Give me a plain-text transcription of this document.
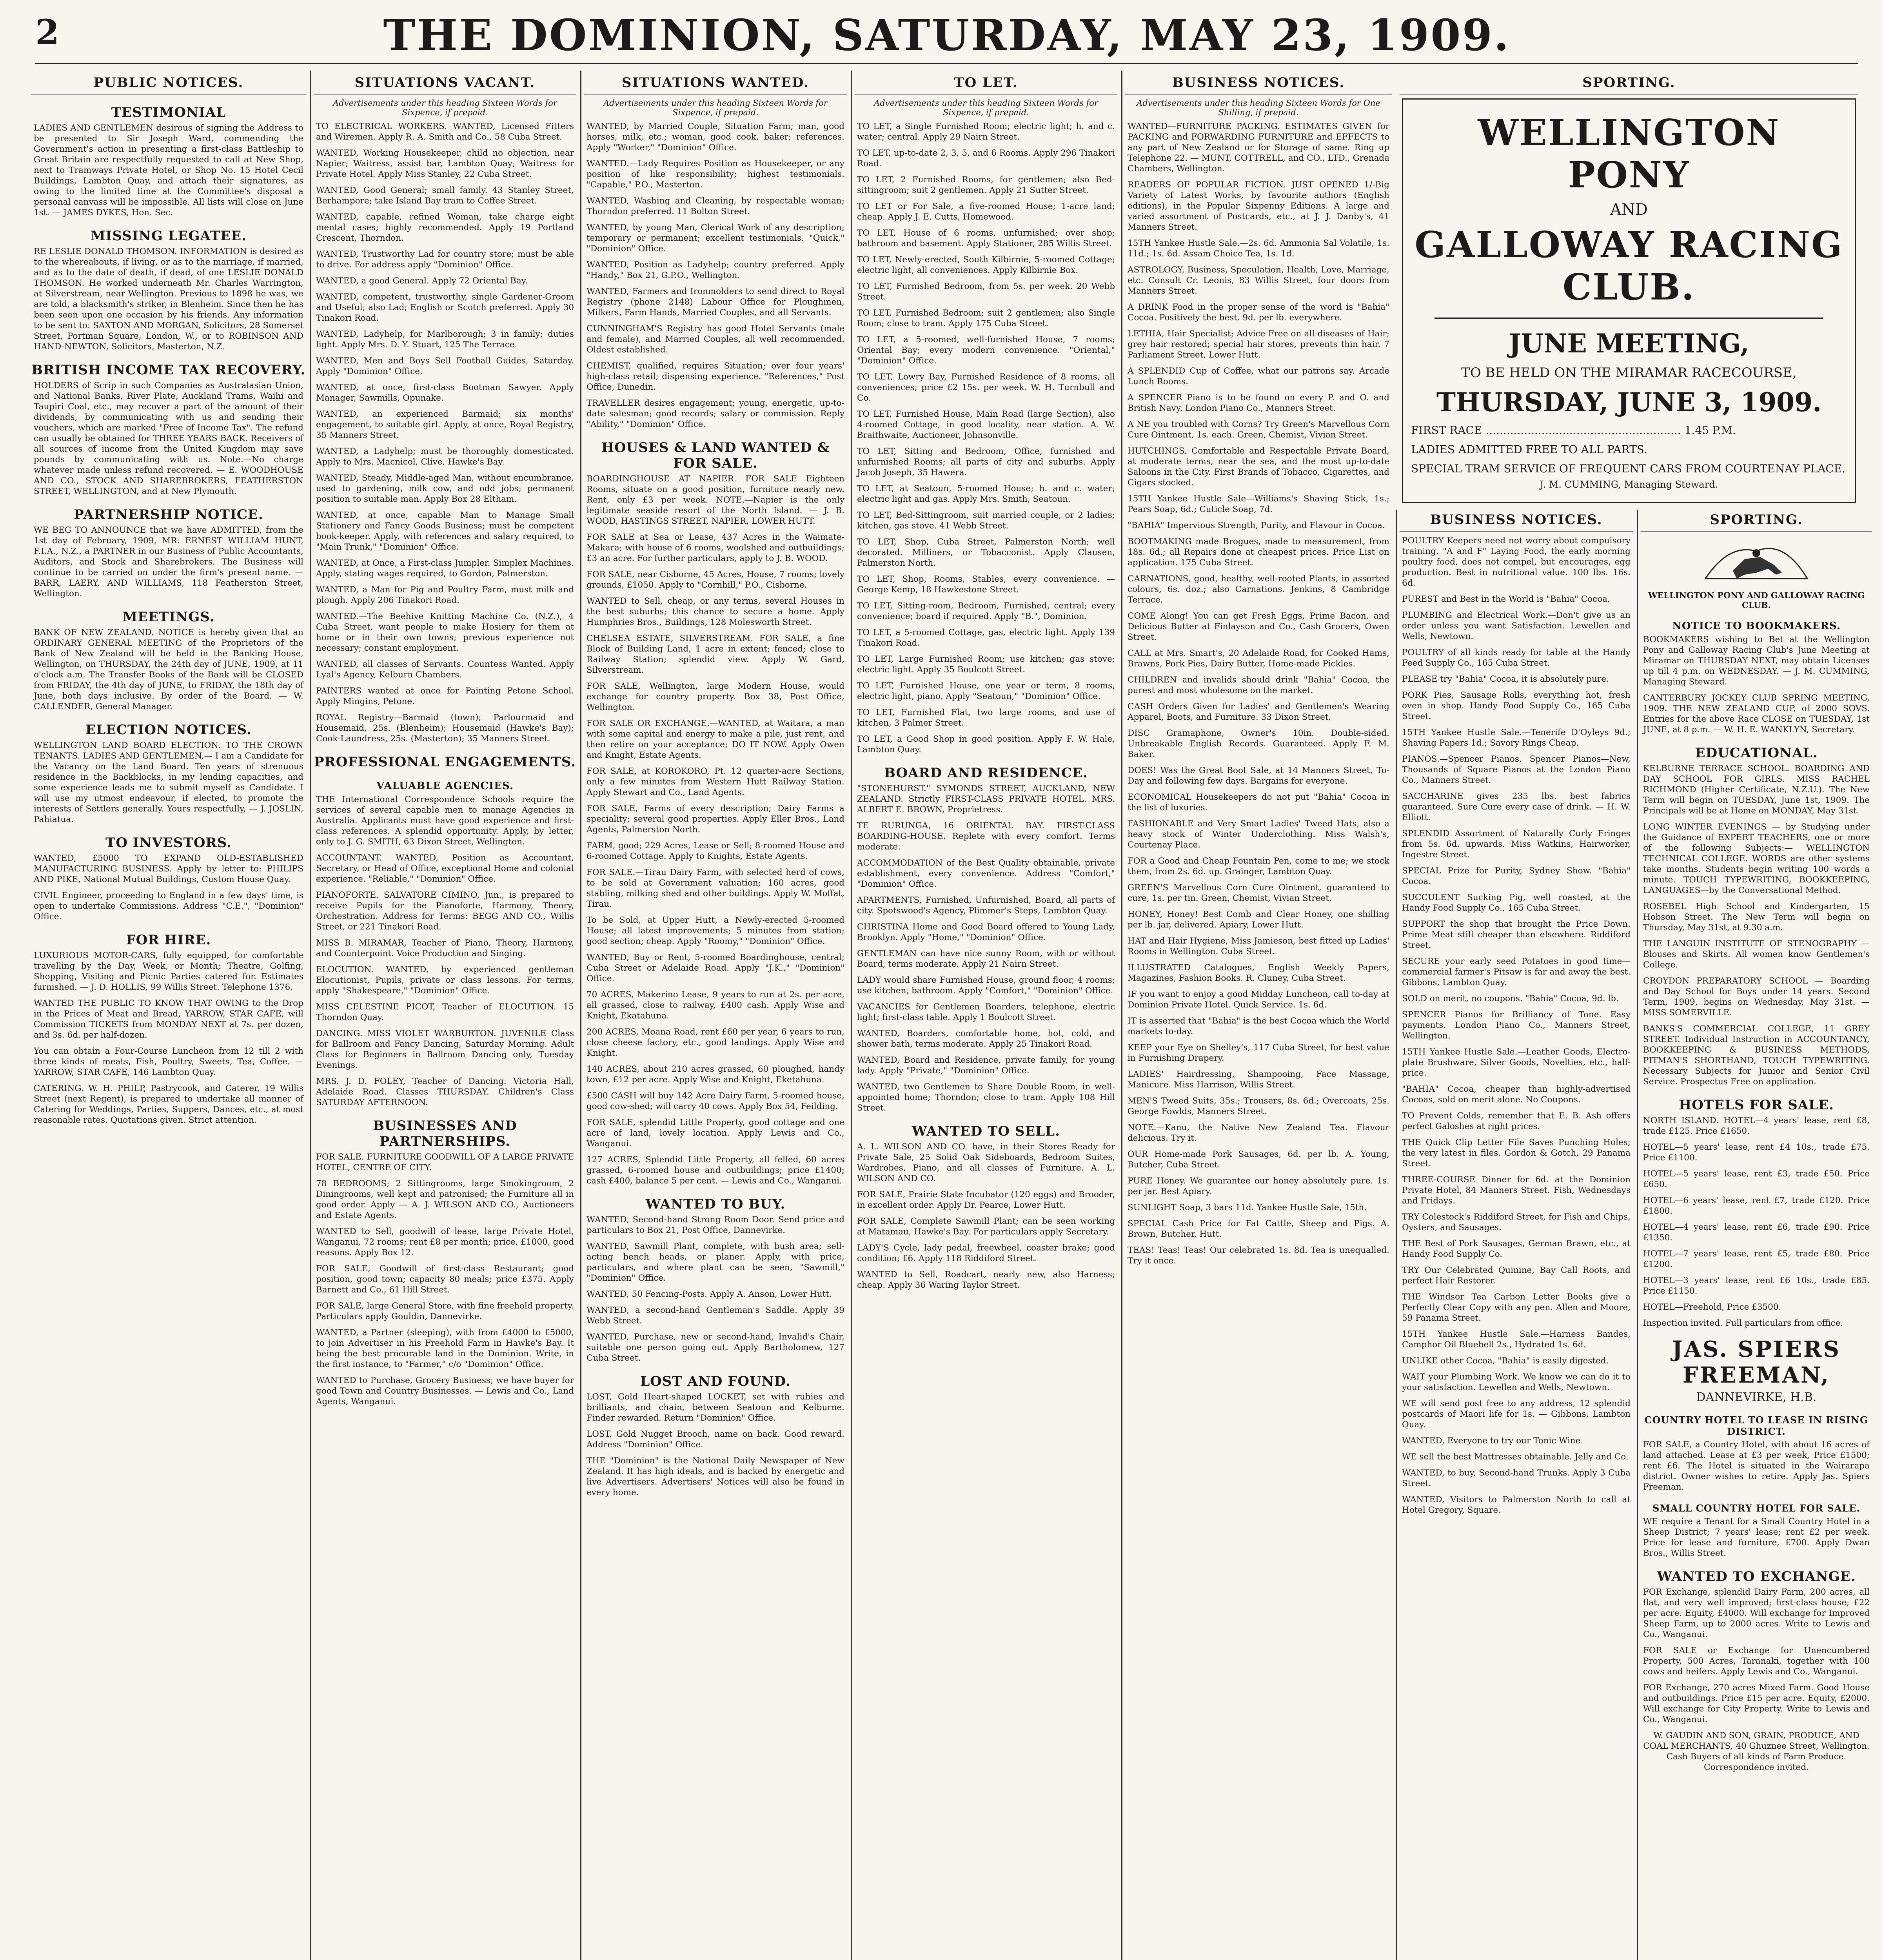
2	THE DOMINION, SATURDAY, MAY 23, 1909.
PUBLIC NOTICES.
TESTIMONIAL
LADIES AND GENTLEMEN desirous of signing the Address to be presented to Sir Joseph Ward, commending the Government's action in presenting a first-class Battleship to Great Britain are respectfully requested to call at New Shop, next to Tramways Private Hotel, or Shop No. 15 Hotel Cecil Buildings, Lambton Quay, and attach their signatures, as owing to the limited time at the Committee's disposal a personal canvass will be impossible. All lists will close on June 1st. — JAMES DYKES, Hon. Sec.
MISSING LEGATEE.
RE LESLIE DONALD THOMSON. INFORMATION is desired as to the whereabouts, if living, or as to the marriage, if married, and as to the date of death, if dead, of one LESLIE DONALD THOMSON. He worked underneath Mr. Charles Warrington, at Silverstream, near Wellington. Previous to 1898 he was, we are told, a blacksmith's striker, in Blenheim. Since then he has been seen upon one occasion by his friends. Any information to be sent to: SAXTON AND MORGAN, Solicitors, 28 Somerset Street, Portman Square, London, W., or to ROBINSON AND HAND-NEWTON, Solicitors, Masterton, N.Z.
BRITISH INCOME TAX RECOVERY.
HOLDERS of Scrip in such Companies as Australasian Union, and National Banks, River Plate, Auckland Trams, Waihi and Taupiri Coal, etc., may recover a part of the amount of their dividends, by communicating with us and sending their vouchers, which are marked "Free of Income Tax". The refund can usually be obtained for THREE YEARS BACK. Receivers of all sources of income from the United Kingdom may save pounds by communicating with us. Note.—No charge whatever made unless refund recovered. — E. WOODHOUSE AND CO., STOCK AND SHAREBROKERS, FEATHERSTON STREET, WELLINGTON, and at New Plymouth.
PARTNERSHIP NOTICE.
WE BEG TO ANNOUNCE that we have ADMITTED, from the 1st day of February, 1909, MR. ERNEST WILLIAM HUNT, F.I.A., N.Z., a PARTNER in our Business of Public Accountants, Auditors, and Stock and Sharebrokers. The Business will continue to be carried on under the firm's present name. — BARR, LAERY, AND WILLIAMS, 118 Featherston Street, Wellington.
MEETINGS.
BANK OF NEW ZEALAND. NOTICE is hereby given that an ORDINARY GENERAL MEETING of the Proprietors of the Bank of New Zealand will be held in the Banking House, Wellington, on THURSDAY, the 24th day of JUNE, 1909, at 11 o'clock a.m. The Transfer Books of the Bank will be CLOSED from FRIDAY, the 4th day of JUNE, to FRIDAY, the 18th day of June, both days inclusive. By order of the Board. — W. CALLENDER, General Manager.
ELECTION NOTICES.
WELLINGTON LAND BOARD ELECTION. TO THE CROWN TENANTS. LADIES AND GENTLEMEN,— I am a Candidate for the Vacancy on the Land Board. Ten years of strenuous residence in the Backblocks, in my lending capacities, and some experience leads me to submit myself as Candidate. I will use my utmost endeavour, if elected, to promote the interests of Settlers generally. Yours respectfully, — J. JOSLIN, Pahiatua.
TO INVESTORS.
WANTED, £5000 TO EXPAND OLD-ESTABLISHED MANUFACTURING BUSINESS. Apply by letter to: PHILIPS AND PIKE, National Mutual Buildings, Custom House Quay.
CIVIL Engineer, proceeding to England in a few days' time, is open to undertake Commissions. Address "C.E.", "Dominion" Office.
FOR HIRE.
LUXURIOUS MOTOR-CARS, fully equipped, for comfortable travelling by the Day, Week, or Month; Theatre, Golfing, Shopping, Visiting and Picnic Parties catered for. Estimates furnished. — J. D. HOLLIS, 99 Willis Street. Telephone 1376.
WANTED THE PUBLIC TO KNOW THAT OWING to the Drop in the Prices of Meat and Bread, YARROW, STAR CAFE, will Commission TICKETS from MONDAY NEXT at 7s. per dozen, and 3s. 6d. per half-dozen.
You can obtain a Four-Course Luncheon from 12 till 2 with three kinds of meats, Fish, Poultry, Sweets, Tea, Coffee. — YARROW, STAR CAFE, 146 Lambton Quay.
CATERING. W. H. PHILP, Pastrycook, and Caterer, 19 Willis Street (next Regent), is prepared to undertake all manner of Catering for Weddings, Parties, Suppers, Dances, etc., at most reasonable rates. Quotations given. Strict attention.
SITUATIONS VACANT.
Advertisements under this heading Sixteen Words for Sixpence, if prepaid.
TO ELECTRICAL WORKERS. WANTED, Licensed Fitters and Wiremen. Apply R. A. Smith and Co., 58 Cuba Street.
WANTED, Working Housekeeper, child no objection, near Napier; Waitress, assist bar, Lambton Quay; Waitress for Private Hotel. Apply Miss Stanley, 22 Cuba Street.
WANTED, Good General; small family. 43 Stanley Street, Berhampore; take Island Bay tram to Coffee Street.
WANTED, capable, refined Woman, take charge eight mental cases; highly recommended. Apply 19 Portland Crescent, Thorndon.
WANTED, Trustworthy Lad for country store; must be able to drive. For address apply "Dominion" Office.
WANTED, a good General. Apply 72 Oriental Bay.
WANTED, competent, trustworthy, single Gardener-Groom and Useful; also Lad; English or Scotch preferred. Apply 30 Tinakori Road.
WANTED, Ladyhelp, for Marlborough; 3 in family; duties light. Apply Mrs. D. Y. Stuart, 125 The Terrace.
WANTED, Men and Boys Sell Football Guides, Saturday. Apply "Dominion" Office.
WANTED, at once, first-class Bootman Sawyer. Apply Manager, Sawmills, Opunake.
WANTED, an experienced Barmaid; six months' engagement, to suitable girl. Apply, at once, Royal Registry, 35 Manners Street.
WANTED, a Ladyhelp; must be thoroughly domesticated. Apply to Mrs. Macnicol, Clive, Hawke's Bay.
WANTED, Steady, Middle-aged Man, without encumbrance, used to gardening, milk cow, and odd jobs; permanent position to suitable man. Apply Box 28 Eltham.
WANTED, at once, capable Man to Manage Small Stationery and Fancy Goods Business; must be competent book-keeper. Apply, with references and salary required, to "Main Trunk," "Dominion" Office.
WANTED, at Once, a First-class Jumpler. Simplex Machines. Apply, stating wages required, to Gordon, Palmerston.
WANTED, a Man for Pig and Poultry Farm, must milk and plough. Apply 206 Tinakori Road.
WANTED.—The Beehive Knitting Machine Co. (N.Z.), 4 Cuba Street, want people to make Hosiery for them at home or in their own towns; previous experience not necessary; constant employment.
WANTED, all classes of Servants. Countess Wanted. Apply Lyal's Agency, Kelburn Chambers.
PAINTERS wanted at once for Painting Petone School. Apply Mingins, Petone.
ROYAL Registry—Barmaid (town); Parlourmaid and Housemaid, 25s. (Blenheim); Housemaid (Hawke's Bay); Cook-Laundress, 25s. (Masterton); 35 Manners Street.
PROFESSIONAL ENGAGEMENTS.
VALUABLE AGENCIES.
THE International Correspondence Schools require the services of several capable men to manage Agencies in Australia. Applicants must have good experience and first-class references. A splendid opportunity. Apply, by letter, only to J. G. SMITH, 63 Dixon Street, Wellington.
ACCOUNTANT. WANTED, Position as Accountant, Secretary, or Head of Office, exceptional Home and colonial experience. "Reliable," "Dominion" Office.
PIANOFORTE. SALVATORE CIMINO, Jun., is prepared to receive Pupils for the Pianoforte, Harmony, Theory, Orchestration. Address for Terms: BEGG AND CO., Willis Street, or 221 Tinakori Road.
MISS B. MIRAMAR, Teacher of Piano, Theory, Harmony, and Counterpoint. Voice Production and Singing.
ELOCUTION. WANTED, by experienced gentleman Elocutionist, Pupils, private or class lessons. For terms, apply "Shakespeare," "Dominion" Office.
MISS CELESTINE PICOT, Teacher of ELOCUTION. 15 Thorndon Quay.
DANCING. MISS VIOLET WARBURTON. JUVENILE Class for Ballroom and Fancy Dancing, Saturday Morning. Adult Class for Beginners in Ballroom Dancing only, Tuesday Evenings.
MRS. J. D. FOLEY, Teacher of Dancing. Victoria Hall, Adelaide Road. Classes THURSDAY. Children's Class SATURDAY AFTERNOON.
BUSINESSES AND PARTNERSHIPS.
FOR SALE. FURNITURE GOODWILL OF A LARGE PRIVATE HOTEL, CENTRE OF CITY.
78 BEDROOMS; 2 Sittingrooms, large Smokingroom, 2 Diningrooms, well kept and patronised; the Furniture all in good order. Apply — A. J. WILSON AND CO., Auctioneers and Estate Agents.
WANTED to Sell, goodwill of lease, large Private Hotel, Wanganui, 72 rooms; rent £8 per month; price, £1000, good reasons. Apply Box 12.
FOR SALE, Goodwill of first-class Restaurant; good position, good town; capacity 80 meals; price £375. Apply Barnett and Co., 61 Hill Street.
FOR SALE, large General Store, with fine freehold property. Particulars apply Gouldin, Dannevirke.
WANTED, a Partner (sleeping), with from £4000 to £5000, to join Advertiser in his Freehold Farm in Hawke's Bay. It being the best procurable land in the Dominion. Write, in the first instance, to "Farmer," c/o "Dominion" Office.
WANTED to Purchase, Grocery Business; we have buyer for good Town and Country Businesses. — Lewis and Co., Land Agents, Wanganui.
SITUATIONS WANTED.
Advertisements under this heading Sixteen Words for Sixpence, if prepaid.
WANTED, by Married Couple, Situation Farm; man, good horses, milk, etc.; woman, good cook, baker; references. Apply "Worker," "Dominion" Office.
WANTED.—Lady Requires Position as Housekeeper, or any position of like responsibility; highest testimonials. "Capable," P.O., Masterton.
WANTED, Washing and Cleaning, by respectable woman; Thorndon preferred. 11 Bolton Street.
WANTED, by young Man, Clerical Work of any description; temporary or permanent; excellent testimonials. "Quick," "Dominion" Office.
WANTED, Position as Ladyhelp; country preferred. Apply "Handy," Box 21, G.P.O., Wellington.
WANTED, Farmers and Ironmolders to send direct to Royal Registry (phone 2148) Labour Office for Ploughmen, Milkers, Farm Hands, Married Couples, and all Servants.
CUNNINGHAM'S Registry has good Hotel Servants (male and female), and Married Couples, all well recommended. Oldest established.
CHEMIST, qualified, requires Situation; over four years' high-class retail; dispensing experience. "References," Post Office, Dunedin.
TRAVELLER desires engagement; young, energetic, up-to-date salesman; good records; salary or commission. Reply "Ability," "Dominion" Office.
HOUSES & LAND WANTED & FOR SALE.
BOARDINGHOUSE AT NAPIER. FOR SALE Eighteen Rooms, situate on a good position, furniture nearly new. Rent, only £3 per week. NOTE.—Napier is the only legitimate seaside resort of the North Island. — J. B. WOOD, HASTINGS STREET, NAPIER, LOWER HUTT.
FOR SALE at Sea or Lease, 437 Acres in the Waimate-Makara; with house of 6 rooms, woolshed and outbuildings; £3 an acre. For further particulars, apply to J. B. WOOD.
FOR SALE, near Cisborne, 45 Acres, House, 7 rooms; lovely grounds, £1050. Apply to "Cornhill," P.O., Cisborne.
WANTED to Sell, cheap, or any terms, several Houses in the best suburbs; this chance to secure a home. Apply Humphries Bros., Buildings, 128 Molesworth Street.
CHELSEA ESTATE, SILVERSTREAM. FOR SALE, a fine Block of Building Land, 1 acre in extent; fenced; close to Railway Station; splendid view. Apply W. Gard, Silverstream.
FOR SALE, Wellington, large Modern House, would exchange for country property. Box 38, Post Office, Wellington.
FOR SALE OR EXCHANGE.—WANTED, at Waitara, a man with some capital and energy to make a pile, just rent, and then retire on your acceptance; DO IT NOW. Apply Owen and Knight, Estate Agents.
FOR SALE, at KOROKORO, Pt. 12 quarter-acre Sections, only a few minutes from Western Hutt Railway Station. Apply Stewart and Co., Land Agents.
FOR SALE, Farms of every description; Dairy Farms a speciality; several good properties. Apply Eller Bros., Land Agents, Palmerston North.
FARM, good; 229 Acres, Lease or Sell; 8-roomed House and 6-roomed Cottage. Apply to Knights, Estate Agents.
FOR SALE.—Tirau Dairy Farm, with selected herd of cows, to be sold at Government valuation; 160 acres, good stabling, milking shed and other buildings. Apply W. Moffat, Tirau.
To be Sold, at Upper Hutt, a Newly-erected 5-roomed House; all latest improvements; 5 minutes from station; good section; cheap. Apply "Roomy," "Dominion" Office.
WANTED, Buy or Rent, 5-roomed Boardinghouse, central; Cuba Street or Adelaide Road. Apply "J.K.," "Dominion" Office.
70 ACRES, Makerino Lease, 9 years to run at 2s. per acre, all grassed, close to railway, £400 cash. Apply Wise and Knight, Ekatahuna.
200 ACRES, Moana Road, rent £60 per year, 6 years to run, close cheese factory, etc., good landings. Apply Wise and Knight.
140 ACRES, about 210 acres grassed, 60 ploughed, handy town, £12 per acre. Apply Wise and Knight, Eketahuna.
£500 CASH will buy 142 Acre Dairy Farm, 5-roomed house, good cow-shed; will carry 40 cows. Apply Box 54, Feilding.
FOR SALE, splendid Little Property, good cottage and one acre of land, lovely location. Apply Lewis and Co., Wanganui.
127 ACRES, Splendid Little Property, all felled, 60 acres grassed, 6-roomed house and outbuildings; price £1400; cash £400, balance 5 per cent. — Lewis and Co., Wanganui.
WANTED TO BUY.
WANTED, Second-hand Strong Room Door. Send price and particulars to Box 21, Post Office, Dannevirke.
WANTED, Sawmill Plant, complete, with bush area; sell-acting bench heads, or planer. Apply, with price, particulars, and where plant can be seen, "Sawmill," "Dominion" Office.
WANTED, 50 Fencing-Posts. Apply A. Anson, Lower Hutt.
WANTED, a second-hand Gentleman's Saddle. Apply 39 Webb Street.
WANTED, Purchase, new or second-hand, Invalid's Chair, suitable one person going out. Apply Bartholomew, 127 Cuba Street.
LOST AND FOUND.
LOST, Gold Heart-shaped LOCKET, set with rubies and brilliants, and chain, between Seatoun and Kelburne. Finder rewarded. Return "Dominion" Office.
LOST, Gold Nugget Brooch, name on back. Good reward. Address "Dominion" Office.
THE "Dominion" is the National Daily Newspaper of New Zealand. It has high ideals, and is backed by energetic and live Advertisers. Advertisers' Notices will also be found in every home.
TO LET.
Advertisements under this heading Sixteen Words for Sixpence, if prepaid.
TO LET, a Single Furnished Room; electric light; h. and c. water; central. Apply 29 Nairn Street.
TO LET, up-to-date 2, 3, 5, and 6 Rooms. Apply 296 Tinakori Road.
TO LET, 2 Furnished Rooms, for gentlemen; also Bed-sittingroom; suit 2 gentlemen. Apply 21 Sutter Street.
TO LET or For Sale, a five-roomed House; 1-acre land; cheap. Apply J. E. Cutts, Homewood.
TO LET, House of 6 rooms, unfurnished; over shop; bathroom and basement. Apply Stationer, 285 Willis Street.
TO LET, Newly-erected, South Kilbirnie, 5-roomed Cottage; electric light, all conveniences. Apply Kilbirnie Box.
TO LET, Furnished Bedroom, from 5s. per week. 20 Webb Street.
TO LET, Furnished Bedroom; suit 2 gentlemen; also Single Room; close to tram. Apply 175 Cuba Street.
TO LET, a 5-roomed, well-furnished House, 7 rooms; Oriental Bay; every modern convenience. "Oriental," "Dominion" Office.
TO LET, Lowry Bay, Furnished Residence of 8 rooms, all conveniences; price £2 15s. per week. W. H. Turnbull and Co.
TO LET, Furnished House, Main Road (large Section), also 4-roomed Cottage, in good locality, near station. A. W. Braithwaite, Auctioneer, Johnsonville.
TO LET, Sitting and Bedroom, Office, furnished and unfurnished Rooms; all parts of city and suburbs. Apply Jacob Joseph, 35 Hawera.
TO LET, at Seatoun, 5-roomed House; h. and c. water; electric light and gas. Apply Mrs. Smith, Seatoun.
TO LET, Bed-Sittingroom, suit married couple, or 2 ladies; kitchen, gas stove. 41 Webb Street.
TO LET, Shop, Cuba Street, Palmerston North; well decorated. Milliners, or Tobacconist. Apply Clausen, Palmerston North.
TO LET, Shop, Rooms, Stables, every convenience. — George Kemp, 18 Hawkestone Street.
TO LET, Sitting-room, Bedroom, Furnished, central; every convenience; board if required. Apply "B.", Dominion.
TO LET, a 5-roomed Cottage, gas, electric light. Apply 139 Tinakori Road.
TO LET, Large Furnished Room; use kitchen; gas stove; electric light. Apply 35 Boulcott Street.
TO LET, Furnished House, one year or term, 8 rooms, electric light, piano. Apply "Seatoun," "Dominion" Office.
TO LET, Furnished Flat, two large rooms, and use of kitchen, 3 Palmer Street.
TO LET, a Good Shop in good position. Apply F. W. Hale, Lambton Quay.
BOARD AND RESIDENCE.
"STONEHURST." SYMONDS STREET, AUCKLAND, NEW ZEALAND. Strictly FIRST-CLASS PRIVATE HOTEL. MRS. ALBERT E. BROWN, Proprietress.
TE RURUNGA, 16 ORIENTAL BAY. FIRST-CLASS BOARDING-HOUSE. Replete with every comfort. Terms moderate.
ACCOMMODATION of the Best Quality obtainable, private establishment, every convenience. Address "Comfort," "Dominion" Office.
APARTMENTS, Furnished, Unfurnished, Board, all parts of city. Spotswood's Agency, Plimmer's Steps, Lambton Quay.
CHRISTINA Home and Good Board offered to Young Lady, Brooklyn. Apply "Home," "Dominion" Office.
GENTLEMAN can have nice sunny Room, with or without Board, terms moderate. Apply 21 Nairn Street.
LADY would share Furnished House, ground floor, 4 rooms; use kitchen, bathroom. Apply "Comfort," "Dominion" Office.
VACANCIES for Gentlemen Boarders, telephone, electric light; first-class table. Apply 1 Boulcott Street.
WANTED, Boarders, comfortable home, hot, cold, and shower bath, terms moderate. Apply 25 Tinakori Road.
WANTED, Board and Residence, private family, for young lady. Apply "Private," "Dominion" Office.
WANTED, two Gentlemen to Share Double Room, in well-appointed home; Thorndon; close to tram. Apply 108 Hill Street.
WANTED TO SELL.
A. L. WILSON AND CO. have, in their Stores Ready for Private Sale, 25 Solid Oak Sideboards, Bedroom Suites, Wardrobes, Piano, and all classes of Furniture. A. L. WILSON AND CO.
FOR SALE, Prairie State Incubator (120 eggs) and Brooder, in excellent order. Apply Dr. Pearce, Lower Hutt.
FOR SALE, Complete Sawmill Plant; can be seen working at Matamau, Hawke's Bay. For particulars apply Secretary.
LADY'S Cycle, lady pedal, freewheel, coaster brake; good condition; £6. Apply 118 Riddiford Street.
WANTED to Sell, Roadcart, nearly new, also Harness; cheap. Apply 36 Waring Taylor Street.
BUSINESS NOTICES.
Advertisements under this heading Sixteen Words for One Shilling, if prepaid.
WANTED—FURNITURE PACKING. ESTIMATES GIVEN for PACKING and FORWARDING FURNITURE and EFFECTS to any part of New Zealand or for Storage of same. Ring up Telephone 22. — MUNT, COTTRELL, and CO., LTD., Grenada Chambers, Wellington.
READERS OF POPULAR FICTION. JUST OPENED 1/-Big Variety of Latest Works, by favourite authors (English editions), in the Popular Sixpenny Editions. A large and varied assortment of Postcards, etc., at J. J. Danby's, 41 Manners Street.
15TH Yankee Hustle Sale.—2s. 6d. Ammonia Sal Volatile, 1s. 11d.; 1s. 6d. Assam Choice Tea, 1s. 1d.
ASTROLOGY, Business, Speculation, Health, Love, Marriage, etc. Consult Cr. Leonis, 83 Willis Street, four doors from Manners Street.
A DRINK Food in the proper sense of the word is "Bahia" Cocoa. Positively the best. 9d. per lb. everywhere.
LETHIA, Hair Specialist; Advice Free on all diseases of Hair; grey hair restored; special hair stores, prevents thin hair. 7 Parliament Street, Lower Hutt.
A SPLENDID Cup of Coffee, what our patrons say. Arcade Lunch Rooms.
A SPENCER Piano is to be found on every P. and O. and British Navy. London Piano Co., Manners Street.
A NE you troubled with Corns? Try Green's Marvellous Corn Cure Ointment, 1s. each. Green, Chemist, Vivian Street.
HUTCHINGS, Comfortable and Respectable Private Board, at moderate terms, near the sea, and the most up-to-date Saloons in the City. First Brands of Tobacco, Cigarettes, and Cigars stocked.
15TH Yankee Hustle Sale—Williams's Shaving Stick, 1s.; Pears Soap, 6d.; Cuticle Soap, 7d.
"BAHIA" Impervious Strength, Purity, and Flavour in Cocoa.
BOOTMAKING made Brogues, made to measurement, from 18s. 6d.; all Repairs done at cheapest prices. Price List on application. 175 Cuba Street.
CARNATIONS, good, healthy, well-rooted Plants, in assorted colours, 6s. doz.; also Carnations. Jenkins, 8 Cambridge Terrace.
COME Along! You can get Fresh Eggs, Prime Bacon, and Delicious Butter at Finlayson and Co., Cash Grocers, Owen Street.
CALL at Mrs. Smart's, 20 Adelaide Road, for Cooked Hams, Brawns, Pork Pies, Dairy Butter, Home-made Pickles.
CHILDREN and invalids should drink "Bahia" Cocoa, the purest and most wholesome on the market.
CASH Orders Given for Ladies' and Gentlemen's Wearing Apparel, Boots, and Furniture. 33 Dixon Street.
DISC Gramaphone, Owner's 10in. Double-sided. Unbreakable English Records. Guaranteed. Apply F. M. Baker.
DOES! Was the Great Boot Sale, at 14 Manners Street, To-Day and following few days. Bargains for everyone.
ECONOMICAL Housekeepers do not put "Bahia" Cocoa in the list of luxuries.
FASHIONABLE and Very Smart Ladies' Tweed Hats, also a heavy stock of Winter Underclothing. Miss Walsh's, Courtenay Place.
FOR a Good and Cheap Fountain Pen, come to me; we stock them, from 2s. 6d. up. Grainger, Lambton Quay.
GREEN'S Marvellous Corn Cure Ointment, guaranteed to cure, 1s. per tin. Green, Chemist, Vivian Street.
HONEY, Honey! Best Comb and Clear Honey, one shilling per lb. jar, delivered. Apiary, Lower Hutt.
HAT and Hair Hygiene, Miss Jamieson, best fitted up Ladies' Rooms in Wellington. Cuba Street.
ILLUSTRATED Catalogues, English Weekly Papers, Magazines, Fashion Books. R. Cluney, Cuba Street.
IF you want to enjoy a good Midday Luncheon, call to-day at Dominion Private Hotel. Quick Service. 1s. 6d.
IT is asserted that "Bahia" is the best Cocoa which the World markets to-day.
KEEP your Eye on Shelley's, 117 Cuba Street, for best value in Furnishing Drapery.
LADIES' Hairdressing, Shampooing, Face Massage, Manicure. Miss Harrison, Willis Street.
MEN'S Tweed Suits, 35s.; Trousers, 8s. 6d.; Overcoats, 25s. George Fowlds, Manners Street.
NOTE.—Kanu, the Native New Zealand Tea. Flavour delicious. Try it.
OUR Home-made Pork Sausages, 6d. per lb. A. Young, Butcher, Cuba Street.
PURE Honey. We guarantee our honey absolutely pure. 1s. per jar. Best Apiary.
SUNLIGHT Soap, 3 bars 11d. Yankee Hustle Sale, 15th.
SPECIAL Cash Price for Fat Cattle, Sheep and Pigs. A. Brown, Butcher, Hutt.
TEAS! Teas! Teas! Our celebrated 1s. 8d. Tea is unequalled. Try it once.
SPORTING.
WELLINGTON PONY
AND
GALLOWAY RACING CLUB.
JUNE MEETING,
TO BE HELD ON THE MIRAMAR RACECOURSE,
THURSDAY, JUNE 3, 1909.
FIRST RACE ........................................................ 1.45 P.M.
LADIES ADMITTED FREE TO ALL PARTS.
SPECIAL TRAM SERVICE OF FREQUENT CARS FROM COURTENAY PLACE.
J. M. CUMMING, Managing Steward.
BUSINESS NOTICES.
POULTRY Keepers need not worry about compulsory training. "A and F" Laying Food, the early morning poultry food, does not compel, but encourages, egg production. Best in nutritional value. 100 lbs. 16s. 6d.
PUREST and Best in the World is "Bahia" Cocoa.
PLUMBING and Electrical Work.—Don't give us an order unless you want Satisfaction. Lewellen and Wells, Newtown.
POULTRY of all kinds ready for table at the Handy Feed Supply Co., 165 Cuba Street.
PLEASE try "Bahia" Cocoa, it is absolutely pure.
PORK Pies, Sausage Rolls, everything hot, fresh oven in shop. Handy Food Supply Co., 165 Cuba Street.
15TH Yankee Hustle Sale.—Tenerife D'Oyleys 9d.; Shaving Papers 1d.; Savory Rings Cheap.
PIANOS.—Spencer Pianos, Spencer Pianos—New, Thousands of Square Pianos at the London Piano Co., Manners Street.
SACCHARINE gives 235 lbs. best fabrics guaranteed. Sure Cure every case of drink. — H. W. Elliott.
SPLENDID Assortment of Naturally Curly Fringes from 5s. 6d. upwards. Miss Watkins, Hairworker, Ingestre Street.
SPECIAL Prize for Purity, Sydney Show. "Bahia" Cocoa.
SUCCULENT Sucking Pig, well roasted, at the Handy Food Supply Co., 165 Cuba Street.
SUPPORT the shop that brought the Price Down. Prime Meat still cheaper than elsewhere. Riddiford Street.
SECURE your early seed Potatoes in good time—commercial farmer's Pitsaw is far and away the best. Gibbons, Lambton Quay.
SOLD on merit, no coupons. "Bahia" Cocoa, 9d. lb.
SPENCER Pianos for Brilliancy of Tone. Easy payments. London Piano Co., Manners Street, Wellington.
15TH Yankee Hustle Sale.—Leather Goods, Electro-plate Brushware, Silver Goods, Novelties, etc., half-price.
"BAHIA" Cocoa, cheaper than highly-advertised Cocoas, sold on merit alone. No Coupons.
TO Prevent Colds, remember that E. B. Ash offers perfect Galoshes at right prices.
THE Quick Clip Letter File Saves Punching Holes; the very latest in files. Gordon & Gotch, 29 Panama Street.
THREE-COURSE Dinner for 6d. at the Dominion Private Hotel, 84 Manners Street. Fish, Wednesdays and Fridays.
TRY Colestock's Riddiford Street, for Fish and Chips, Oysters, and Sausages.
THE Best of Pork Sausages, German Brawn, etc., at Handy Food Supply Co.
TRY Our Celebrated Quinine, Bay Call Roots, and perfect Hair Restorer.
THE Windsor Tea Carbon Letter Books give a Perfectly Clear Copy with any pen. Allen and Moore, 59 Panama Street.
15TH Yankee Hustle Sale.—Harness Bandes, Camphor Oil Bluebell 2s., Hydrated 1s. 6d.
UNLIKE other Cocoa, "Bahia" is easily digested.
WAIT your Plumbing Work. We know we can do it to your satisfaction. Lewellen and Wells, Newtown.
WE will send post free to any address, 12 splendid postcards of Maori life for 1s. — Gibbons, Lambton Quay.
WANTED, Everyone to try our Tonic Wine.
WE sell the best Mattresses obtainable. Jelly and Co.
WANTED, to buy, Second-hand Trunks. Apply 3 Cuba Street.
WANTED, Visitors to Palmerston North to call at Hotel Gregory, Square.
SPORTING.
WELLINGTON PONY AND GALLOWAY RACING CLUB.
NOTICE TO BOOKMAKERS.
BOOKMAKERS wishing to Bet at the Wellington Pony and Galloway Racing Club's June Meeting at Miramar on THURSDAY NEXT, may obtain Licenses up till 4 p.m. on WEDNESDAY. — J. M. CUMMING, Managing Steward.
CANTERBURY JOCKEY CLUB SPRING MEETING, 1909. THE NEW ZEALAND CUP, of 2000 SOVS. Entries for the above Race CLOSE on TUESDAY, 1st JUNE, at 8 p.m. — W. H. E. WANKLYN, Secretary.
EDUCATIONAL.
KELBURNE TERRACE SCHOOL. BOARDING AND DAY SCHOOL FOR GIRLS. MISS RACHEL RICHMOND (Higher Certificate, N.Z.U.). The New Term will begin on TUESDAY, June 1st, 1909. The Principals will be at Home on MONDAY, May 31st.
LONG WINTER EVENINGS — by Studying under the Guidance of EXPERT TEACHERS, one or more of the following Subjects:— WELLINGTON TECHNICAL COLLEGE. WORDS are other systems take months. Students begin writing 100 words a minute. TOUCH TYPEWRITING, BOOKKEEPING, LANGUAGES—by the Conversational Method.
ROSEBEL High School and Kindergarten, 15 Hobson Street. The New Term will begin on Thursday, May 31st, at 9.30 a.m.
THE LANGUIN INSTITUTE OF STENOGRAPHY — Blouses and Skirts. All women know Gentlemen's College.
CROYDON PREPARATORY SCHOOL — Boarding and Day School for Boys under 14 years. Second Term, 1909, begins on Wednesday, May 31st. — MISS SOMERVILLE.
BANKS'S COMMERCIAL COLLEGE, 11 GREY STREET. Individual Instruction in ACCOUNTANCY, BOOKKEEPING & BUSINESS METHODS, PITMAN'S SHORTHAND, TOUCH TYPEWRITING. Necessary Subjects for Junior and Senior Civil Service. Prospectus Free on application.
HOTELS FOR SALE.
NORTH ISLAND. HOTEL—4 years' lease, rent £8, trade £125. Price £1650.
HOTEL—5 years' lease, rent £4 10s., trade £75. Price £1100.
HOTEL—5 years' lease, rent £3, trade £50. Price £650.
HOTEL—6 years' lease, rent £7, trade £120. Price £1800.
HOTEL—4 years' lease, rent £6, trade £90. Price £1350.
HOTEL—7 years' lease, rent £5, trade £80. Price £1200.
HOTEL—3 years' lease, rent £6 10s., trade £85. Price £1150.
HOTEL—Freehold, Price £3500.
Inspection invited. Full particulars from office.
JAS. SPIERS FREEMAN,
DANNEVIRKE, H.B.
COUNTRY HOTEL TO LEASE IN RISING DISTRICT.
FOR SALE, a Country Hotel, with about 16 acres of land attached. Lease at £3 per week, Price £1500; rent £6. The Hotel is situated in the Wairarapa district. Owner wishes to retire. Apply Jas. Spiers Freeman.
SMALL COUNTRY HOTEL FOR SALE.
WE require a Tenant for a Small Country Hotel in a Sheep District; 7 years' lease; rent £2 per week. Price for lease and furniture, £700. Apply Dwan Bros., Willis Street.
WANTED TO EXCHANGE.
FOR Exchange, splendid Dairy Farm, 200 acres, all flat, and very well improved; first-class house; £22 per acre. Equity, £4000. Will exchange for Improved Sheep Farm, up to 2000 acres. Write to Lewis and Co., Wanganui.
FOR SALE or Exchange for Unencumbered Property, 500 Acres, Taranaki, together with 100 cows and heifers. Apply Lewis and Co., Wanganui.
FOR Exchange, 270 acres Mixed Farm. Good House and outbuildings. Price £15 per acre. Equity, £2000. Will exchange for City Property. Write to Lewis and Co., Wanganui.
W. GAUDIN AND SON, GRAIN, PRODUCE, AND COAL MERCHANTS, 40 Ghuznee Street, Wellington. Cash Buyers of all kinds of Farm Produce. Correspondence invited.
